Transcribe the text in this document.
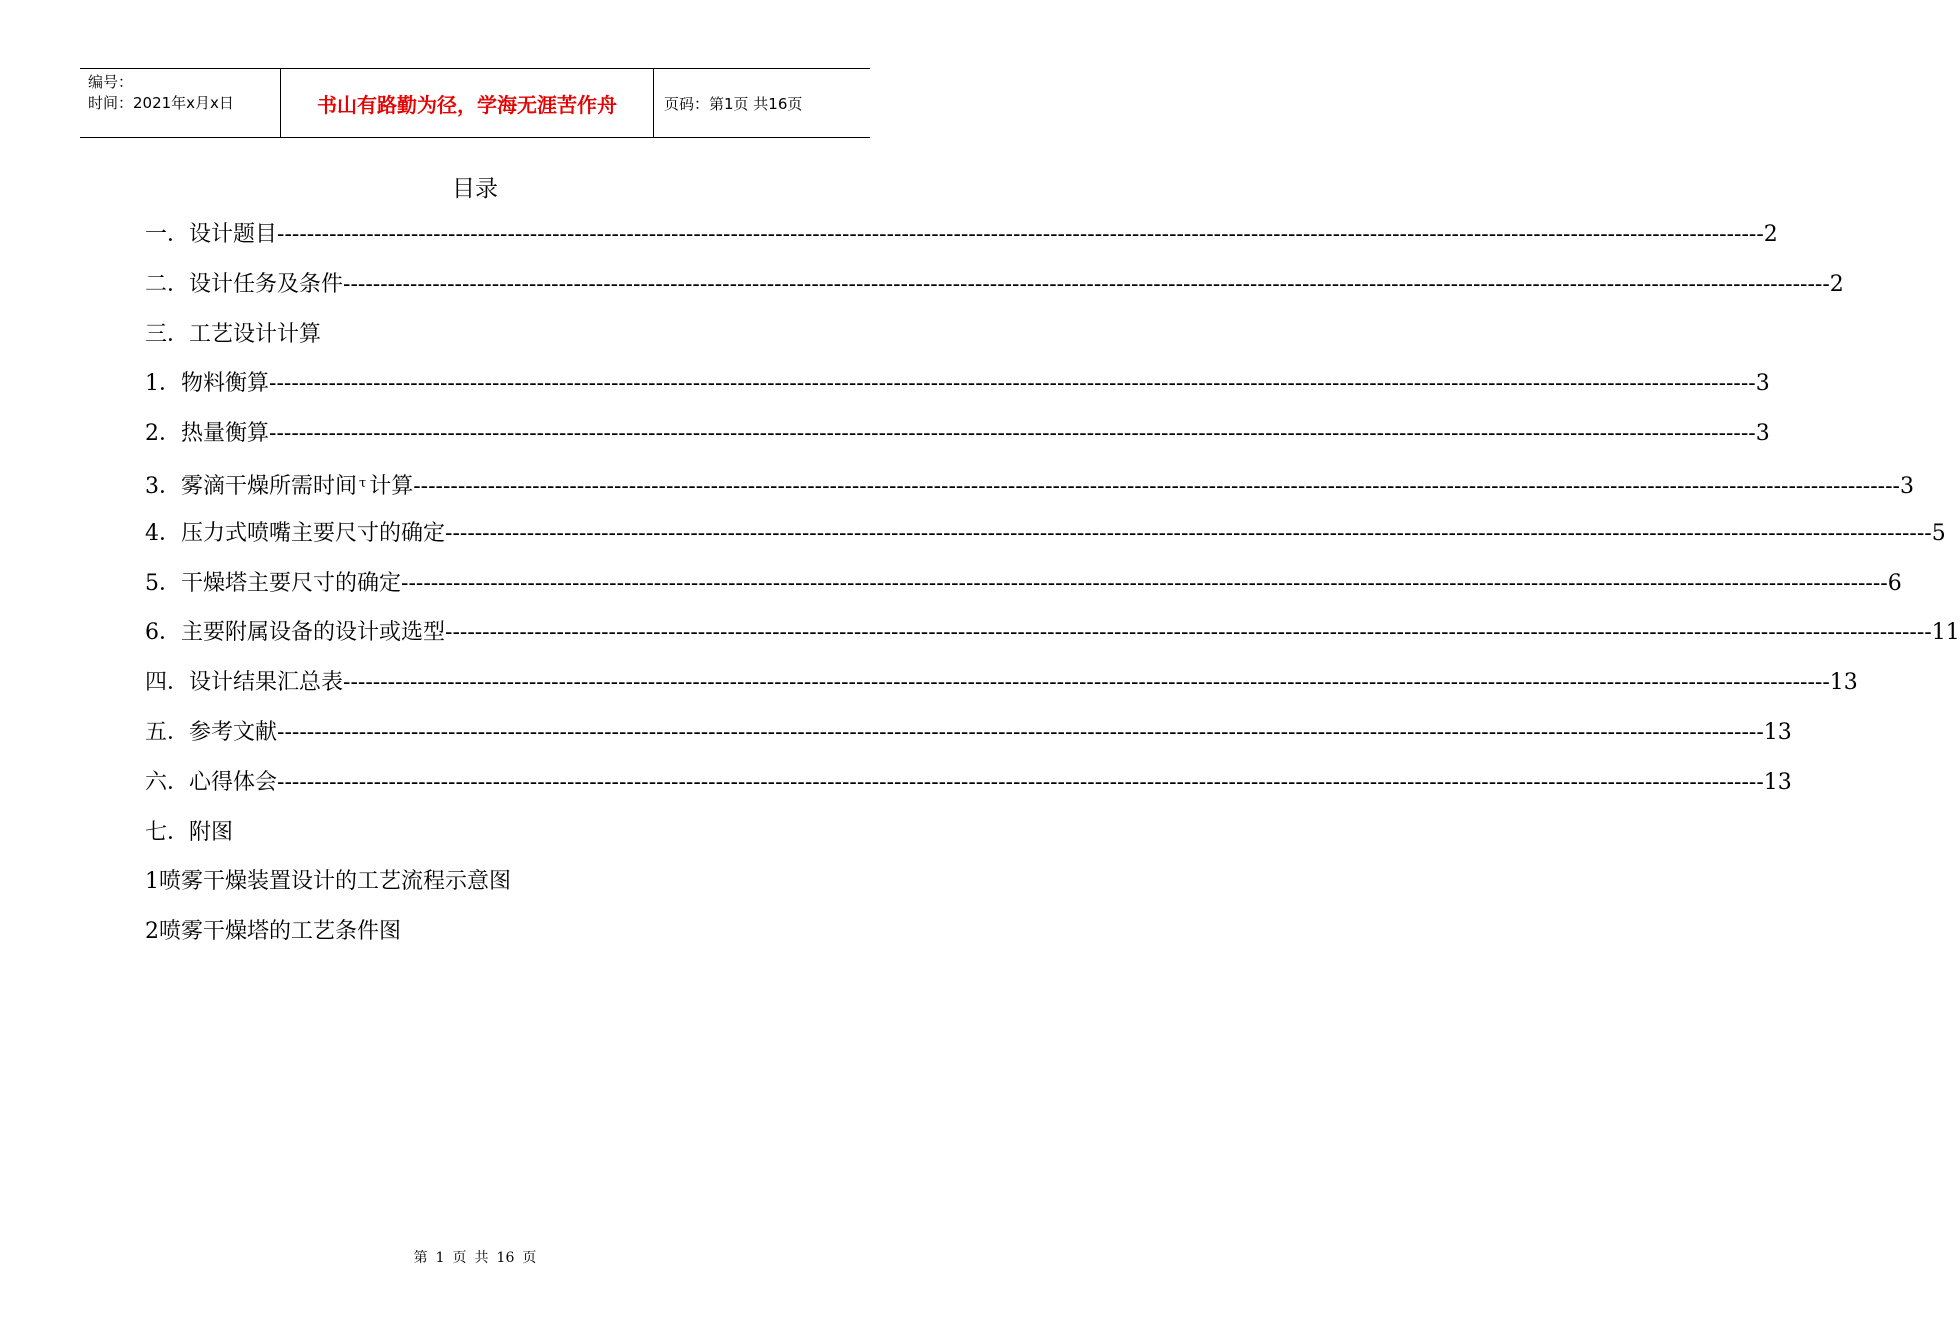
编号：
时间：2021年x月x日	书山有路勤为径，学海无涯苦作舟	页码：第1页 共16页
目录
一． 设计题目 -------------------------------------------------------------------------------------------------------------------------------------------------------------------------------------------------------- 2
二． 设计任务及条件 -------------------------------------------------------------------------------------------------------------------------------------------------------------------------------------------------------- 2
三． 工艺设计计算
1． 物料衡算 -------------------------------------------------------------------------------------------------------------------------------------------------------------------------------------------------------- 3
2． 热量衡算 -------------------------------------------------------------------------------------------------------------------------------------------------------------------------------------------------------- 3
3． 雾滴干燥所需时间 $^\tau$ 计算 -------------------------------------------------------------------------------------------------------------------------------------------------------------------------------------------------------- 3
4． 压力式喷嘴主要尺寸的确定 -------------------------------------------------------------------------------------------------------------------------------------------------------------------------------------------------------- 5
5． 干燥塔主要尺寸的确定 -------------------------------------------------------------------------------------------------------------------------------------------------------------------------------------------------------- 6
6． 主要附属设备的设计或选型 -------------------------------------------------------------------------------------------------------------------------------------------------------------------------------------------------------- 11
四． 设计结果汇总表 -------------------------------------------------------------------------------------------------------------------------------------------------------------------------------------------------------- 13
五． 参考文献 -------------------------------------------------------------------------------------------------------------------------------------------------------------------------------------------------------- 13
六． 心得体会 -------------------------------------------------------------------------------------------------------------------------------------------------------------------------------------------------------- 13
七． 附图
1 喷雾干燥装置设计的工艺流程示意图
2 喷雾干燥塔的工艺条件图
第 1 页 共 16 页
